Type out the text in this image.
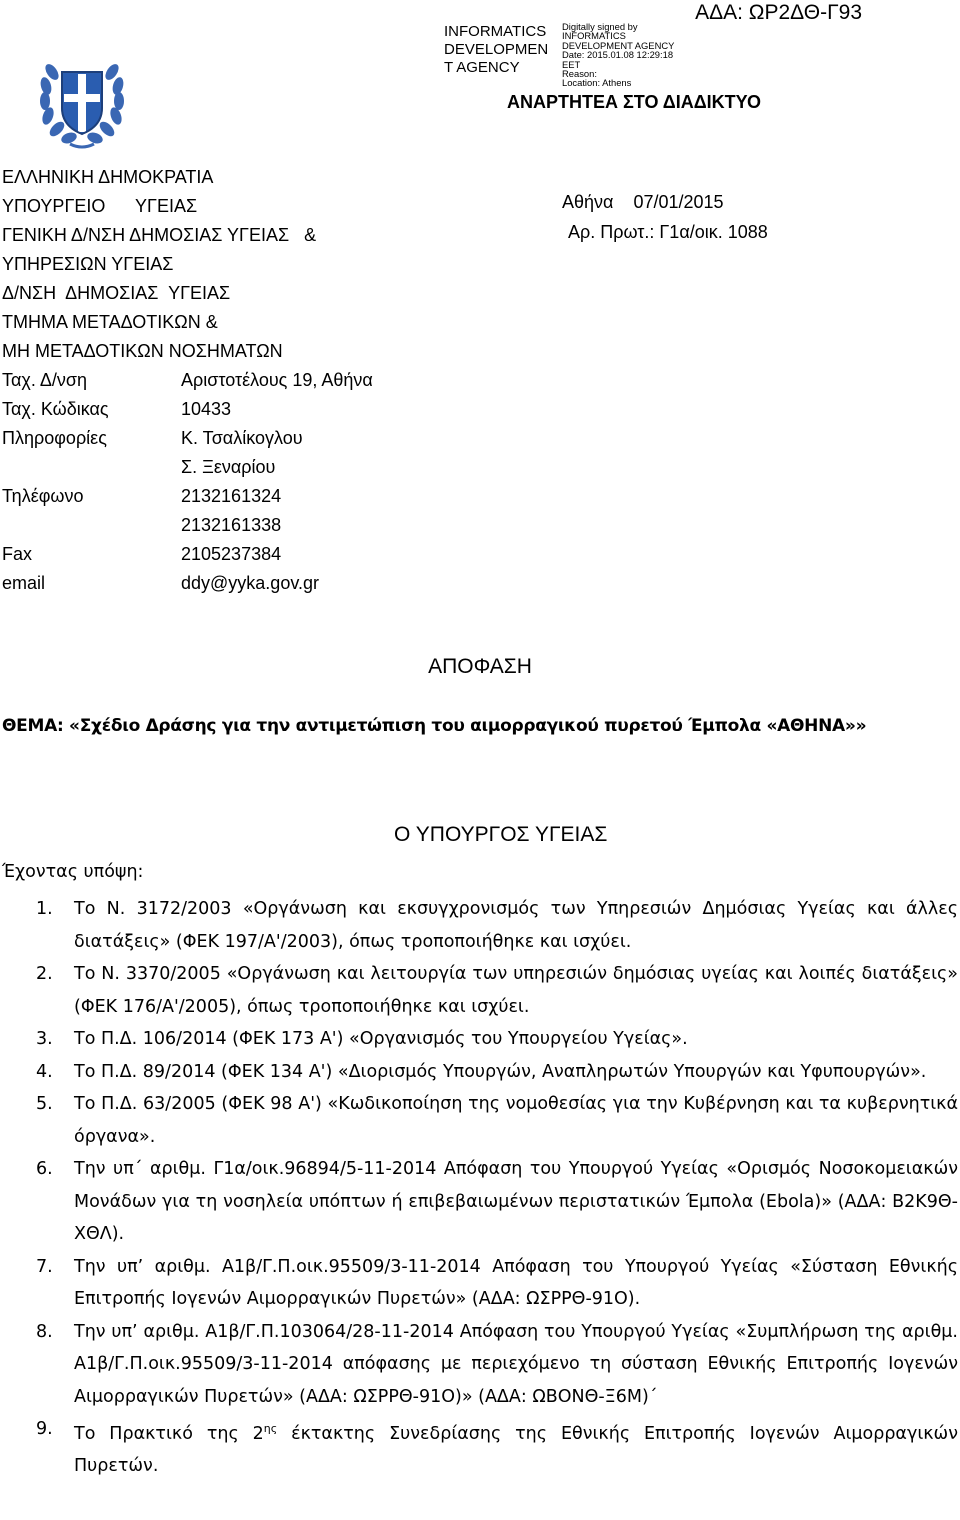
ΑΔΑ: ΩΡ2ΔΘ-Γ93
INFORMATICS
DEVELOPMEN
T AGENCY
Digitally signed by
INFORMATICS
DEVELOPMENT AGENCY
Date: 2015.01.08 12:29:18
EET
Reason:
Location: Athens
ΑΝΑΡΤΗΤΕΑ ΣΤΟ ΔΙΑΔΙΚΤΥΟ
ΕΛΛΗΝΙΚΗ ΔΗΜΟΚΡΑΤΙΑ
ΥΠΟΥΡΓΕΙΟ      ΥΓΕΙΑΣ
ΓΕΝΙΚΗ Δ/ΝΣΗ ΔΗΜΟΣΙΑΣ ΥΓΕΙΑΣ   &
ΥΠΗΡΕΣΙΩΝ ΥΓΕΙΑΣ
Δ/ΝΣΗ  ΔΗΜΟΣΙΑΣ  ΥΓΕΙΑΣ
ΤΜΗΜΑ ΜΕΤΑΔΟΤΙΚΩΝ &
ΜΗ ΜΕΤΑΔΟΤΙΚΩΝ ΝΟΣΗΜΑΤΩΝ
Ταχ. Δ/νση	Αριστοτέλους 19, Αθήνα
Ταχ. Κώδικας	10433
Πληροφορίες	Κ. Τσαλίκογλου
Σ. Ξεναρίου
Τηλέφωνο	2132161324
2132161338
Fax	2105237384
email	ddy@yyka.gov.gr
Αθήνα    07/01/2015
Αρ. Πρωτ.: Γ1α/οικ. 1088
ΑΠΟΦΑΣΗ
ΘΕΜΑ: «Σχέδιο Δράσης για την αντιμετώπιση του αιμορραγικού πυρετού Έμπολα «ΑΘΗΝΑ»»
Ο ΥΠΟΥΡΓΟΣ ΥΓΕΙΑΣ
Έχοντας υπόψη:
1.	Το Ν. 3172/2003 «Οργάνωση και εκσυγχρονισμός των Υπηρεσιών Δημόσιας Υγείας και άλλες διατάξεις» (ΦΕΚ 197/Α'/2003), όπως τροποποιήθηκε και ισχύει.
2.	Το Ν. 3370/2005 «Οργάνωση και λειτουργία των υπηρεσιών δημόσιας υγείας και λοιπές διατάξεις» (ΦΕΚ 176/Α'/2005), όπως τροποποιήθηκε και ισχύει.
3.	Το Π.Δ. 106/2014 (ΦΕΚ 173 Α') «Οργανισμός του Υπουργείου Υγείας».
4.	Το Π.Δ. 89/2014 (ΦΕΚ 134 Α') «Διορισμός Υπουργών, Αναπληρωτών Υπουργών και Υφυπουργών».
5.	Το Π.Δ. 63/2005 (ΦΕΚ 98 Α') «Κωδικοποίηση της νομοθεσίας για την Κυβέρνηση και τα κυβερνητικά όργανα».
6.	Την υπ΄ αριθμ. Γ1α/οικ.96894/5-11-2014 Απόφαση του Υπουργού Υγείας «Ορισμός Νοσοκομειακών Μονάδων για τη νοσηλεία υπόπτων ή επιβεβαιωμένων περιστατικών Έμπολα (Ebola)» (ΑΔΑ: Β2Κ9Θ-ΧΘΛ).
7.	Την υπ’ αριθμ. Α1β/Γ.Π.οικ.95509/3-11-2014 Απόφαση του Υπουργού Υγείας «Σύσταση Εθνικής Επιτροπής Ιογενών Αιμορραγικών Πυρετών» (ΑΔΑ: ΩΣΡΡΘ-91Ο).
8.	Την υπ’ αριθμ. Α1β/Γ.Π.103064/28-11-2014 Απόφαση του Υπουργού Υγείας «Συμπλήρωση της αριθμ. Α1β/Γ.Π.οικ.95509/3-11-2014 απόφασης με περιεχόμενο τη σύσταση Εθνικής Επιτροπής Ιογενών Αιμορραγικών Πυρετών» (ΑΔΑ: ΩΣΡΡΘ-91Ο)» (ΑΔΑ: ΩΒΟΝΘ-Ξ6Μ)΄
9.	Το Πρακτικό της $2^{\eta\varsigma}$ έκτακτης Συνεδρίασης της Εθνικής Επιτροπής Ιογενών Αιμορραγικών Πυρετών.
